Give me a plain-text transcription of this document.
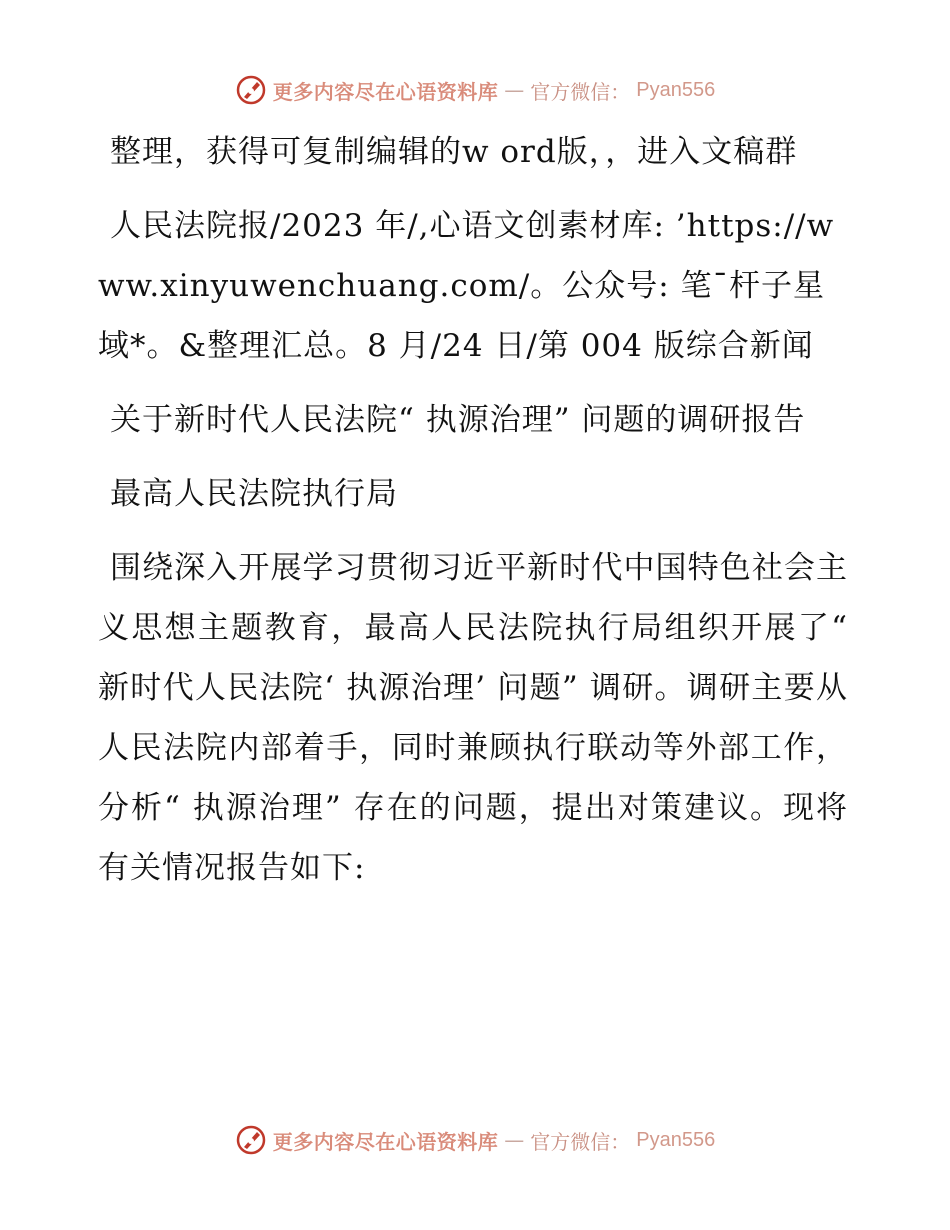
更多内容尽在心语资料库 — 官方微信： Pyan556

整理，获得可复制编辑的w ord版，，进入文稿群

人民法院报/2023 年/,心语文创素材库: ’https://www.xinyuwenchuang.com/。公众号: 笔¯杆子星域*。&整理汇总。8 月/24 日/第 004 版综合新闻

关于新时代人民法院“ 执源治理” 问题的调研报告

最高人民法院执行局

围绕深入开展学习贯彻习近平新时代中国特色社会主义思想主题教育，最高人民法院执行局组织开展了“ 新时代人民法院‘ 执源治理’ 问题” 调研。调研主要从人民法院内部着手，同时兼顾执行联动等外部工作，分析“ 执源治理” 存在的问题，提出对策建议。现将有关情况报告如下:

更多内容尽在心语资料库 — 官方微信： Pyan556
